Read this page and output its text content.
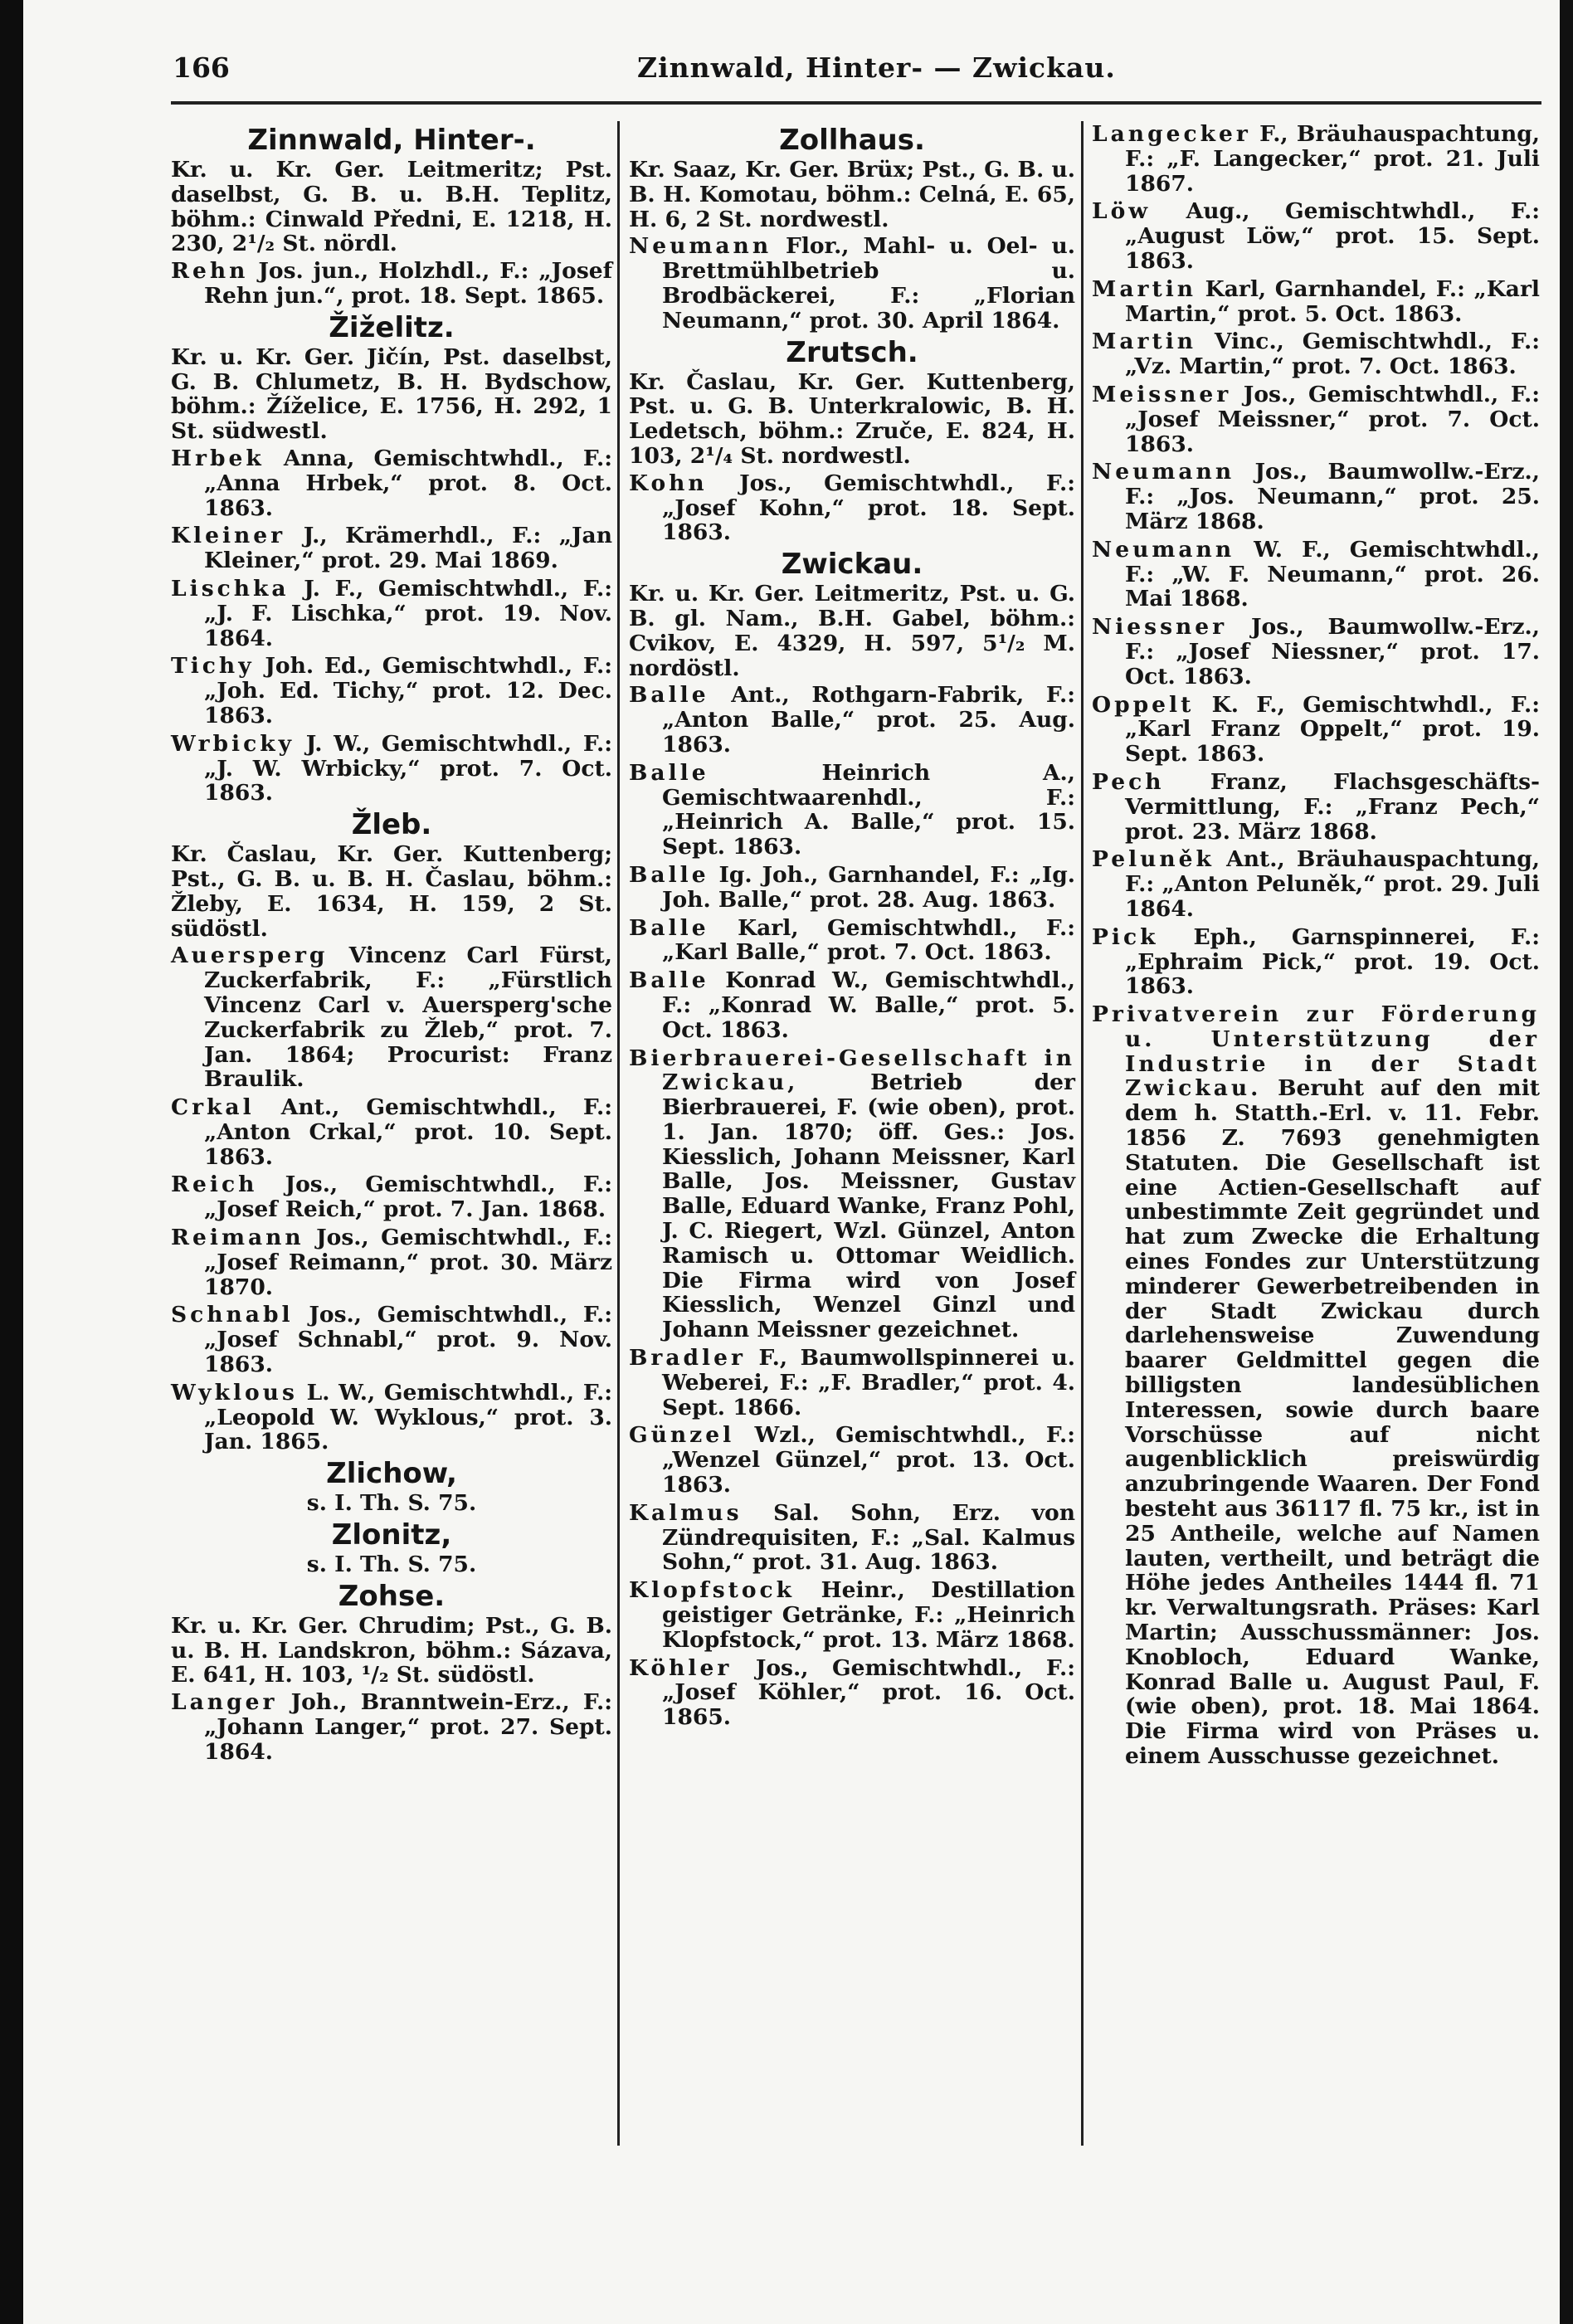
166	Zinnwald, Hinter- — Zwickau.
Zinnwald, Hinter-.
Kr. u. Kr. Ger. Leitmeritz; Pst. daselbst, G. B. u. B.H. Teplitz, böhm.: Cinwald Předni, E. 1218, H. 230, 2¹/₂ St. nördl.
Rehn Jos. jun., Holzhdl., F.: „Josef Rehn jun.“, prot. 18. Sept. 1865.
Žiželitz.
Kr. u. Kr. Ger. Jičín, Pst. daselbst, G. B. Chlumetz, B. H. Bydschow, böhm.: Žíželice, E. 1756, H. 292, 1 St. südwestl.
Hrbek Anna, Gemischtwhdl., F.: „Anna Hrbek,“ prot. 8. Oct. 1863.
Kleiner J., Krämerhdl., F.: „Jan Kleiner,“ prot. 29. Mai 1869.
Lischka J. F., Gemischtwhdl., F.: „J. F. Lischka,“ prot. 19. Nov. 1864.
Tichy Joh. Ed., Gemischtwhdl., F.: „Joh. Ed. Tichy,“ prot. 12. Dec. 1863.
Wrbicky J. W., Gemischtwhdl., F.: „J. W. Wrbicky,“ prot. 7. Oct. 1863.
Žleb.
Kr. Časlau, Kr. Ger. Kuttenberg; Pst., G. B. u. B. H. Časlau, böhm.: Žleby, E. 1634, H. 159, 2 St. südöstl.
Auersperg Vincenz Carl Fürst, Zuckerfabrik, F.: „Fürstlich Vincenz Carl v. Auersperg'sche Zuckerfabrik zu Žleb,“ prot. 7. Jan. 1864; Procurist: Franz Braulik.
Crkal Ant., Gemischtwhdl., F.: „Anton Crkal,“ prot. 10. Sept. 1863.
Reich Jos., Gemischtwhdl., F.: „Josef Reich,“ prot. 7. Jan. 1868.
Reimann Jos., Gemischtwhdl., F.: „Josef Reimann,“ prot. 30. März 1870.
Schnabl Jos., Gemischtwhdl., F.: „Josef Schnabl,“ prot. 9. Nov. 1863.
Wyklous L. W., Gemischtwhdl., F.: „Leopold W. Wyklous,“ prot. 3. Jan. 1865.
Zlichow,
s. I. Th. S. 75.
Zlonitz,
s. I. Th. S. 75.
Zohse.
Kr. u. Kr. Ger. Chrudim; Pst., G. B. u. B. H. Landskron, böhm.: Sázava, E. 641, H. 103, ¹/₂ St. südöstl.
Langer Joh., Branntwein-Erz., F.: „Johann Langer,“ prot. 27. Sept. 1864.
Zollhaus.
Kr. Saaz, Kr. Ger. Brüx; Pst., G. B. u. B. H. Komotau, böhm.: Celná, E. 65, H. 6, 2 St. nordwestl.
Neumann Flor., Mahl- u. Oel- u. Brettmühlbetrieb u. Brodbäckerei, F.: „Florian Neumann,“ prot. 30. April 1864.
Zrutsch.
Kr. Časlau, Kr. Ger. Kuttenberg, Pst. u. G. B. Unterkralowic, B. H. Ledetsch, böhm.: Zruče, E. 824, H. 103, 2¹/₄ St. nordwestl.
Kohn Jos., Gemischtwhdl., F.: „Josef Kohn,“ prot. 18. Sept. 1863.
Zwickau.
Kr. u. Kr. Ger. Leitmeritz, Pst. u. G. B. gl. Nam., B.H. Gabel, böhm.: Cvikov, E. 4329, H. 597, 5¹/₂ M. nordöstl.
Balle Ant., Rothgarn-Fabrik, F.: „Anton Balle,“ prot. 25. Aug. 1863.
Balle	Heinrich A., Gemischtwaarenhdl., F.: „Heinrich A. Balle,“ prot. 15. Sept. 1863.
Balle Ig. Joh., Garnhandel, F.: „Ig. Joh. Balle,“ prot. 28. Aug. 1863.
Balle Karl, Gemischtwhdl., F.: „Karl Balle,“ prot. 7. Oct. 1863.
Balle Konrad W., Gemischtwhdl., F.: „Konrad W. Balle,“ prot. 5. Oct. 1863.
Bierbrauerei-Gesellschaft in Zwickau,	Betrieb der Bierbrauerei, F. (wie oben), prot. 1. Jan. 1870; öff. Ges.: Jos. Kiesslich, Johann Meissner, Karl Balle, Jos. Meissner, Gustav Balle, Eduard Wanke, Franz Pohl, J. C. Riegert, Wzl. Günzel, Anton Ramisch u. Ottomar Weidlich. Die Firma wird von Josef Kiesslich, Wenzel Ginzl und Johann Meissner gezeichnet.
Bradler F., Baumwollspinnerei u. Weberei, F.: „F. Bradler,“ prot. 4. Sept. 1866.
Günzel Wzl., Gemischtwhdl., F.: „Wenzel Günzel,“ prot. 13. Oct. 1863.
Kalmus Sal. Sohn, Erz. von Zündrequisiten, F.: „Sal. Kalmus Sohn,“ prot. 31. Aug. 1863.
Klopfstock Heinr., Destillation geistiger Getränke, F.: „Heinrich Klopfstock,“ prot. 13. März 1868.
Köhler Jos., Gemischtwhdl., F.: „Josef Köhler,“ prot. 16. Oct. 1865.
Langecker F., Bräuhauspachtung, F.: „F. Langecker,“ prot. 21. Juli 1867.
Löw Aug., Gemischtwhdl., F.: „August Löw,“ prot. 15. Sept. 1863.
Martin Karl, Garnhandel, F.: „Karl Martin,“ prot. 5. Oct. 1863.
Martin Vinc., Gemischtwhdl., F.: „Vz. Martin,“ prot. 7. Oct. 1863.
Meissner Jos., Gemischtwhdl., F.: „Josef Meissner,“ prot. 7. Oct. 1863.
Neumann Jos., Baumwollw.-Erz., F.: „Jos. Neumann,“ prot. 25. März 1868.
Neumann W. F., Gemischtwhdl., F.: „W. F. Neumann,“ prot. 26. Mai 1868.
Niessner Jos., Baumwollw.-Erz., F.: „Josef Niessner,“ prot. 17. Oct. 1863.
Oppelt K. F., Gemischtwhdl., F.: „Karl Franz Oppelt,“ prot. 19. Sept. 1863.
Pech Franz, Flachsgeschäfts-Vermittlung, F.: „Franz Pech,“ prot. 23. März 1868.
Peluněk Ant., Bräuhauspachtung, F.: „Anton Peluněk,“ prot. 29. Juli 1864.
Pick Eph., Garnspinnerei, F.: „Ephraim Pick,“ prot. 19. Oct. 1863.
Privatverein zur Förderung u. Unterstützung der Industrie in der Stadt Zwickau. Beruht auf den mit dem h. Statth.-Erl. v. 11. Febr. 1856 Z. 7693 genehmigten Statuten. Die Gesellschaft ist eine Actien-Gesellschaft auf unbestimmte Zeit gegründet und hat zum Zwecke die Erhaltung eines Fondes zur Unterstützung minderer Gewerbetreibenden in der Stadt Zwickau durch darlehensweise Zuwendung baarer Geldmittel gegen die billigsten landesüblichen Interessen, sowie durch baare Vorschüsse auf nicht augenblicklich preiswürdig anzubringende Waaren. Der Fond besteht aus 36117 fl. 75 kr., ist in 25 Antheile, welche auf Namen lauten, vertheilt, und beträgt die Höhe jedes Antheiles 1444 fl. 71 kr. Verwaltungsrath. Präses: Karl Martin; Ausschussmänner: Jos. Knobloch, Eduard Wanke, Konrad Balle u. August Paul, F. (wie oben), prot. 18. Mai 1864. Die Firma wird von Präses u. einem Ausschusse gezeichnet.
